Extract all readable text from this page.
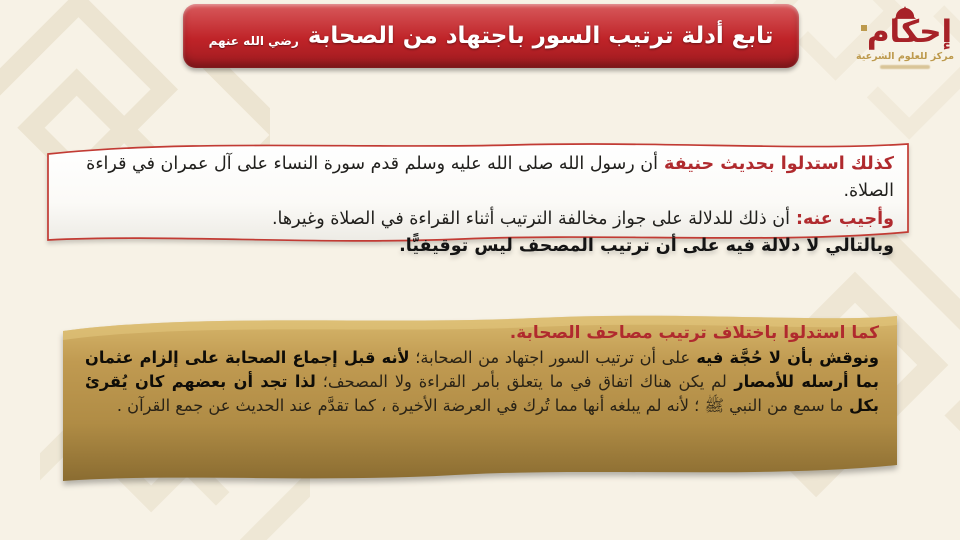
تابع أدلة ترتيب السور باجتهاد من الصحابة
رضي الله عنهم	إحكام
مركز للعلوم الشرعية

كذلك استدلوا بحديث حنيفة أن رسول الله صلى الله عليه وسلم قدم سورة النساء على آل عمران في قراءة الصلاة.

وأجيب عنه: أن ذلك للدلالة على جواز مخالفة الترتيب أثناء القراءة في الصلاة وغيرها.

وبالتالي لا دلالة فيه على أن ترتيب المصحف ليس توقيفيًّا.

كما استدلوا باختلاف ترتيب مصاحف الصحابة.

ونوقش بأن لا حُجَّة فيه على أن ترتيب السور اجتهاد من الصحابة؛ لأنه قبل إجماع الصحابة على إلزام عثمان بما أرسله للأمصار لم يكن هناك اتفاق في ما يتعلق بأمر القراءة ولا المصحف؛ لذا تجد أن بعضهم كان يُقرئ بكل ما سمع من النبي ﷺ ؛ لأنه لم يبلغه أنها مما تُرك في العرضة الأخيرة ، كما تقدَّم عند الحديث عن جمع القرآن .
